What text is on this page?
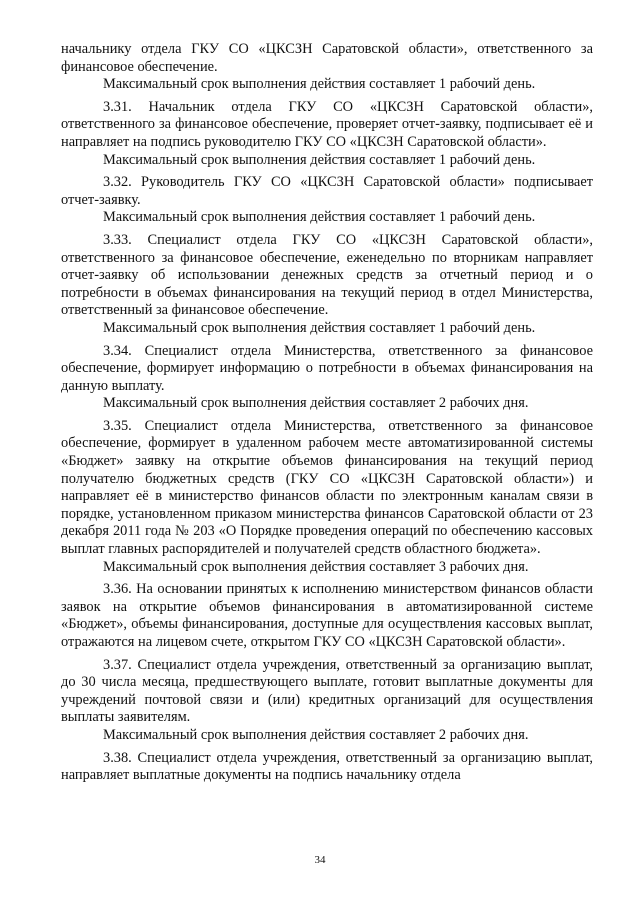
начальнику отдела ГКУ СО «ЦКСЗН Саратовской области», ответственного за финансовое обеспечение.

Максимальный срок выполнения действия составляет 1 рабочий день.

3.31. Начальник отдела ГКУ СО «ЦКСЗН Саратовской области», ответственного за финансовое обеспечение, проверяет отчет-заявку, подписывает её и направляет на подпись руководителю ГКУ СО «ЦКСЗН Саратовской области».

Максимальный срок выполнения действия составляет 1 рабочий день.

3.32. Руководитель ГКУ СО «ЦКСЗН Саратовской области» подписывает отчет-заявку.

Максимальный срок выполнения действия составляет 1 рабочий день.

3.33. Специалист отдела ГКУ СО «ЦКСЗН Саратовской области», ответственного за финансовое обеспечение, еженедельно по вторникам направляет отчет-заявку об использовании денежных средств за отчетный период и о потребности в объемах финансирования на текущий период в отдел Министерства, ответственный за финансовое обеспечение.

Максимальный срок выполнения действия составляет 1 рабочий день.

3.34. Специалист отдела Министерства, ответственного за финансовое обеспечение, формирует информацию о потребности в объемах финансирования на данную выплату.

Максимальный срок выполнения действия составляет 2 рабочих дня.

3.35. Специалист отдела Министерства, ответственного за финансовое обеспечение, формирует в удаленном рабочем месте автоматизированной системы «Бюджет» заявку на открытие объемов финансирования на текущий период получателю бюджетных средств (ГКУ СО «ЦКСЗН Саратовской области») и направляет её в министерство финансов области по электронным каналам связи в порядке, установленном приказом министерства финансов Саратовской области от 23 декабря 2011 года № 203 «О Порядке проведения операций по обеспечению кассовых выплат главных распорядителей и получателей средств областного бюджета».

Максимальный срок выполнения действия составляет 3 рабочих дня.

3.36. На основании принятых к исполнению министерством финансов области заявок на открытие объемов финансирования в автоматизированной системе «Бюджет», объемы финансирования, доступные для осуществления кассовых выплат, отражаются на лицевом счете, открытом ГКУ СО «ЦКСЗН Саратовской области».

3.37. Специалист отдела учреждения, ответственный за организацию выплат, до 30 числа месяца, предшествующего выплате, готовит выплатные документы для учреждений почтовой связи и (или) кредитных организаций для осуществления выплаты заявителям.

Максимальный срок выполнения действия составляет 2 рабочих дня.

3.38. Специалист отдела учреждения, ответственный за организацию выплат, направляет выплатные документы на подпись начальнику отдела

34
